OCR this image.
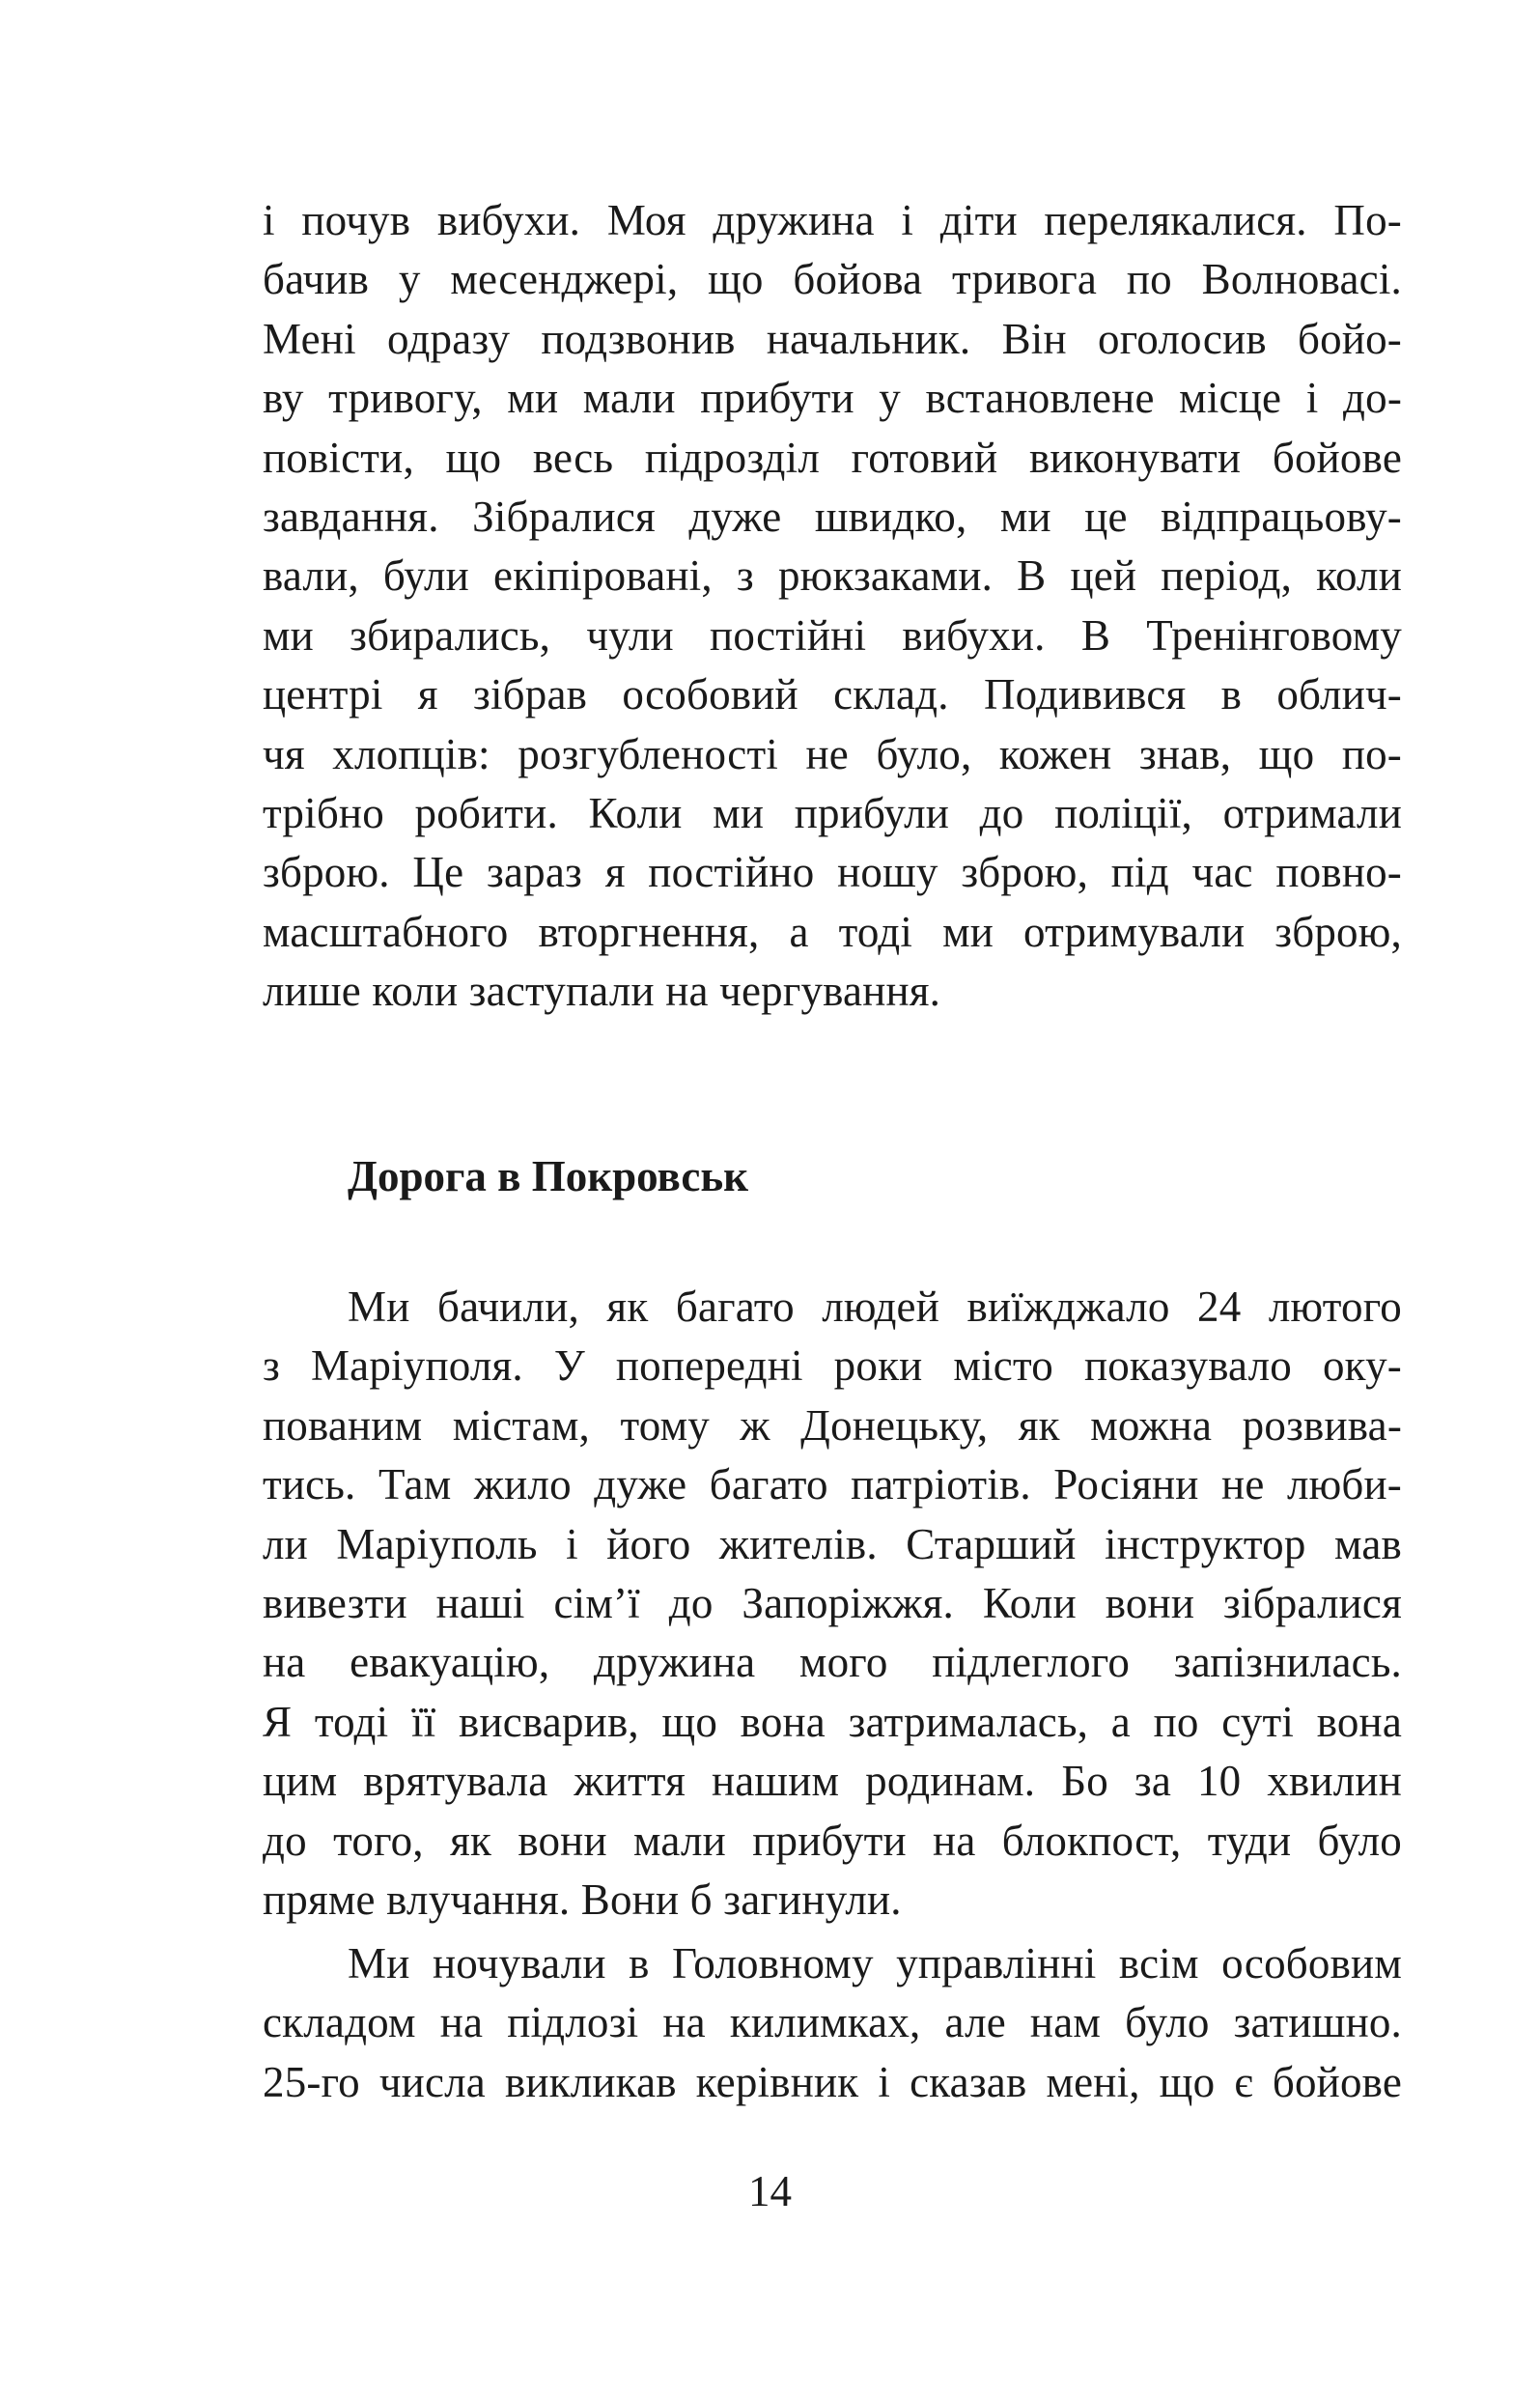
і почув вибухи. Моя дружина і діти перелякалися. По-
бачив у месенджері, що бойова тривога по Волновасі.
Мені одразу подзвонив начальник. Він оголосив бойо-
ву тривогу, ми мали прибути у встановлене місце і до-
повісти, що весь підрозділ готовий виконувати бойове
завдання. Зібралися дуже швидко, ми це відпрацьову-
вали, були екіпіровані, з рюкзаками. В цей період, коли
ми збирались, чули постійні вибухи. В Тренінговому
центрі я зібрав особовий склад. Подивився в облич-
чя хлопців: розгубленості не було, кожен знав, що по-
трібно робити. Коли ми прибули до поліції, отримали
зброю. Це зараз я постійно ношу зброю, під час повно-
масштабного вторгнення, а тоді ми отримували зброю,
лише коли заступали на чергування.
Дорога в Покровськ
Ми бачили, як багато людей виїжджало 24 лютого
з Маріуполя. У попередні роки місто показувало оку-
пованим містам, тому ж Донецьку, як можна розвива-
тись. Там жило дуже багато патріотів. Росіяни не люби-
ли Маріуполь і його жителів. Старший інструктор мав
вивезти наші сім’ї до Запоріжжя. Коли вони зібралися
на евакуацію, дружина мого підлеглого запізнилась.
Я тоді її висварив, що вона затрималась, а по суті вона
цим врятувала життя нашим родинам. Бо за 10 хвилин
до того, як вони мали прибути на блокпост, туди було
пряме влучання. Вони б загинули.
Ми ночували в Головному управлінні всім особовим
складом на підлозі на килимках, але нам було затишно.
25-го числа викликав керівник і сказав мені, що є бойове
14
